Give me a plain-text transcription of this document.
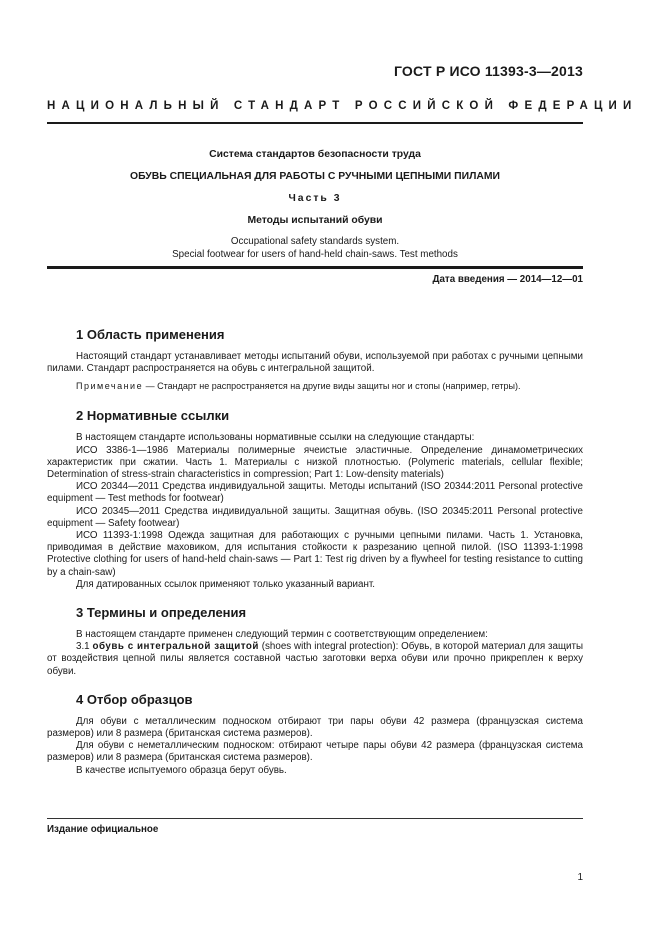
ГОСТ Р ИСО 11393-3—2013
НАЦИОНАЛЬНЫЙ СТАНДАРТ РОССИЙСКОЙ ФЕДЕРАЦИИ
Система стандартов безопасности труда
ОБУВЬ СПЕЦИАЛЬНАЯ ДЛЯ РАБОТЫ С РУЧНЫМИ ЦЕПНЫМИ ПИЛАМИ
Часть 3
Методы испытаний обуви
Occupational safety standards system.
Special footwear for users of hand-held chain-saws. Test methods
Дата введения — 2014—12—01
1 Область применения

Настоящий стандарт устанавливает методы испытаний обуви, используемой при работах с ручными цепными пилами. Стандарт распространяется на обувь с интегральной защитой.

Примечание — Стандарт не распространяется на другие виды защиты ног и стопы (например, гетры).
2 Нормативные ссылки

В настоящем стандарте использованы нормативные ссылки на следующие стандарты:

ИСО 3386-1—1986 Материалы полимерные ячеистые эластичные. Определение динамометрических характеристик при сжатии. Часть 1. Материалы с низкой плотностью. (Polymeric materials, cellular flexible; Determination of stress-strain characteristics in compression; Part 1: Low-density materials)

ИСО 20344—2011 Средства индивидуальной защиты. Методы испытаний (ISO 20344:2011 Personal protective equipment — Test methods for footwear)

ИСО 20345—2011 Средства индивидуальной защиты. Защитная обувь. (ISO 20345:2011 Personal protective equipment — Safety footwear)

ИСО 11393-1:1998 Одежда защитная для работающих с ручными цепными пилами. Часть 1. Установка, приводимая в действие маховиком, для испытания стойкости к разрезанию цепной пилой. (ISO 11393-1:1998 Protective clothing for users of hand-held chain-saws — Part 1: Test rig driven by a flywheel for testing resistance to cutting by a chain-saw)

Для датированных ссылок применяют только указанный вариант.

3 Термины и определения

В настоящем стандарте применен следующий термин с соответствующим определением:

3.1 обувь с интегральной защитой (shoes with integral protection): Обувь, в которой материал для защиты от воздействия цепной пилы является составной частью заготовки верха обуви или прочно прикреплен к верху обуви.

4 Отбор образцов

Для обуви с металлическим подноском отбирают три пары обуви 42 размера (французская система размеров) или 8 размера (британская система размеров).

Для обуви с неметаллическим подноском: отбирают четыре пары обуви 42 размера (французская система размеров) или 8 размера (британская система размеров).

В качестве испытуемого образца берут обувь.

Издание официальное
1
